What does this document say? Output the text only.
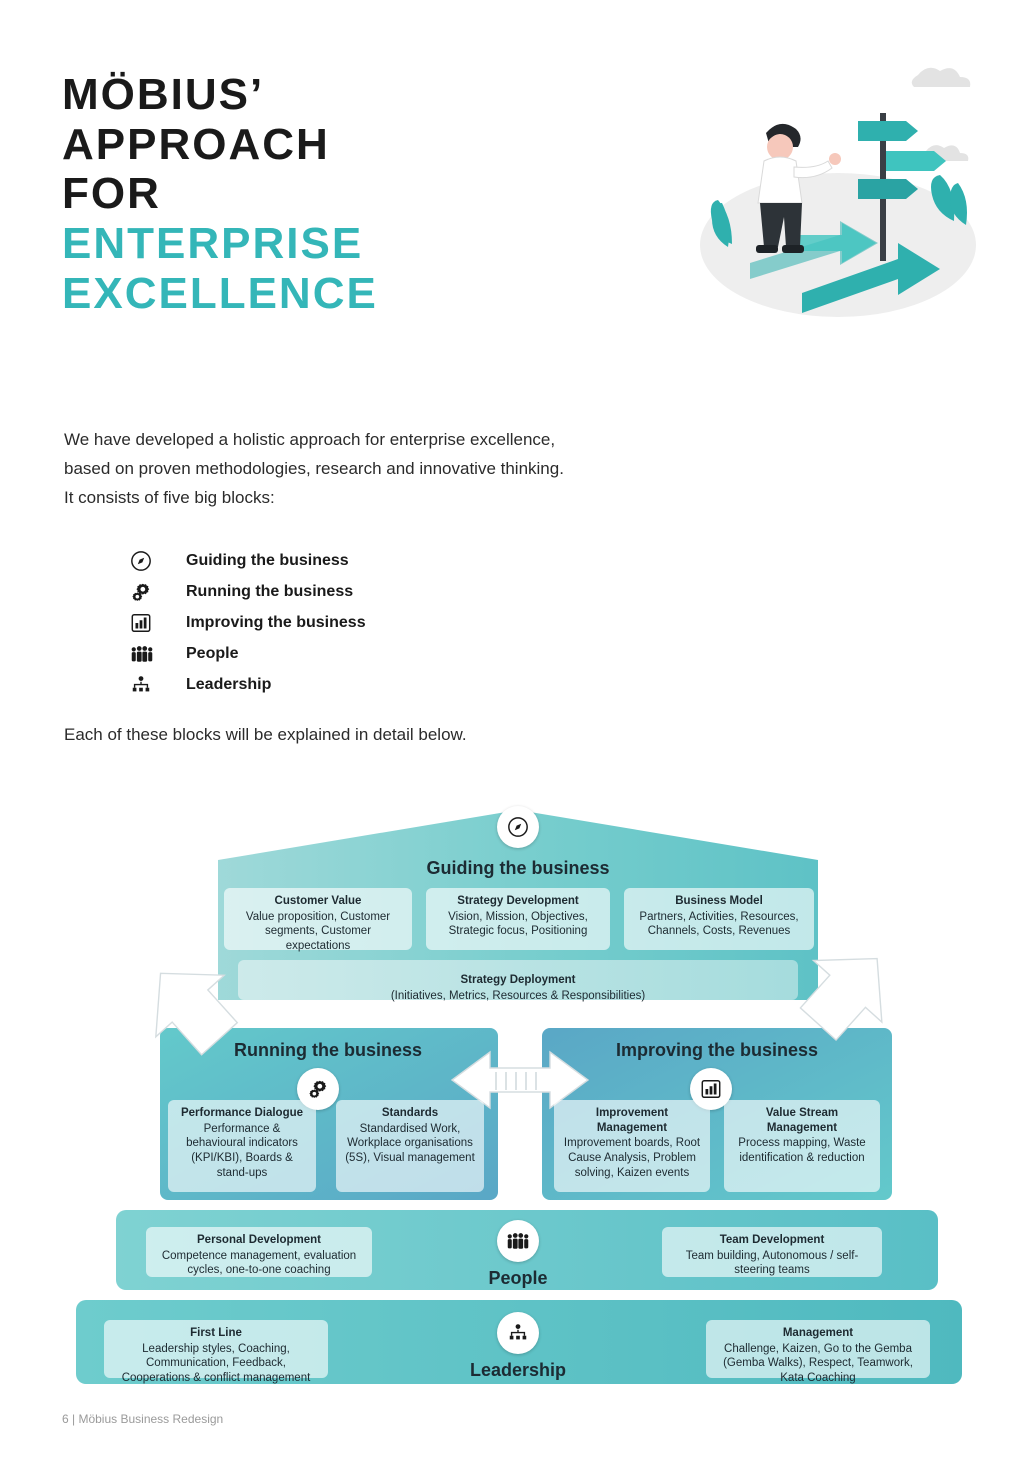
MÖBIUS’
APPROACH
FOR
ENTERPRISE
EXCELLENCE
We have developed a holistic approach for enterprise excellence,
based on proven methodologies, research and innovative thinking.
It consists of five big blocks:
Guiding the business
Running the business
Improving the business
People
Leadership
Each of these blocks will be explained in detail below.
Guiding the business
Customer Value
Value proposition, Customer segments, Customer expectations
Strategy Development
Vision, Mission, Objectives, Strategic focus, Positioning
Business Model
Partners, Activities, Resources, Channels, Costs, Revenues
Strategy Deployment
(Initiatives, Metrics, Resources & Responsibilities)
Running the business
Performance Dialogue
Performance & behavioural indicators (KPI/KBI), Boards & stand-ups
Standards
Standardised Work, Workplace organisations (5S), Visual management
Improving the business
Improvement Management
Improvement boards, Root Cause Analysis, Problem solving, Kaizen events
Value Stream Management
Process mapping, Waste identification & reduction
People
Personal Development
Competence management, evaluation cycles, one-to-one coaching
Team Development
Team building, Autonomous / self-steering teams
Leadership
First Line
Leadership styles, Coaching, Communication, Feedback, Cooperations & conflict management
Management
Challenge, Kaizen, Go to the Gemba (Gemba Walks), Respect, Teamwork, Kata Coaching
6 | Möbius Business Redesign
